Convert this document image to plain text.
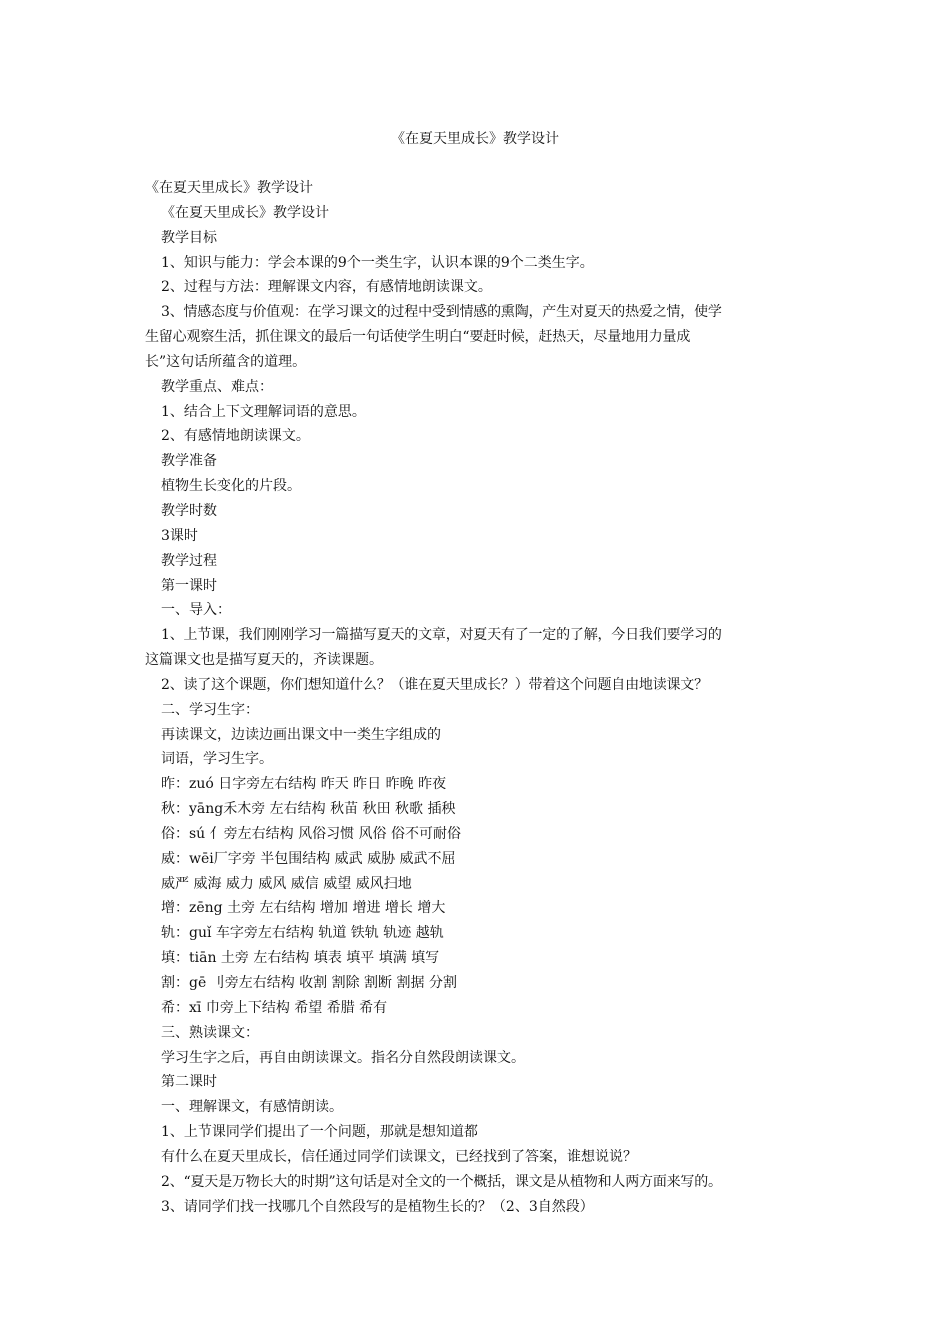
《在夏天里成长》教学设计

《在夏天里成长》教学设计

《在夏天里成长》教学设计

教学目标

1、知识与能力：学会本课的9个一类生字，认识本课的9个二类生字。

2、过程与方法：理解课文内容，有感情地朗读课文。

3、情感态度与价值观：在学习课文的过程中受到情感的熏陶，产生对夏天的热爱之情，使学

生留心观察生活，抓住课文的最后一句话使学生明白“要赶时候，赶热天，尽量地用力量成

长”这句话所蕴含的道理。

教学重点、难点：

1、结合上下文理解词语的意思。

2、有感情地朗读课文。

教学准备

植物生长变化的片段。

教学时数

3课时

教学过程

第一课时

一、导入：

1、上节课，我们刚刚学习一篇描写夏天的文章，对夏天有了一定的了解，今日我们要学习的

这篇课文也是描写夏天的，齐读课题。

2、读了这个课题，你们想知道什么？（谁在夏天里成长？）带着这个问题自由地读课文？

二、学习生字：

再读课文，边读边画出课文中一类生字组成的

词语，学习生字。

昨：zuó 日字旁左右结构 昨天 昨日 昨晚 昨夜

秋：yāng禾木旁 左右结构 秋苗 秋田 秋歌 插秧

俗：sú 亻旁左右结构 风俗习惯 风俗 俗不可耐俗

威：wēi厂字旁 半包围结构 威武 威胁 威武不屈

威严 威海 威力 威风 威信 威望 威风扫地

增：zēng 土旁 左右结构 增加 增进 增长 增大

轨：guǐ 车字旁左右结构 轨道 铁轨 轨迹 越轨

填：tiān 土旁 左右结构 填表 填平 填满 填写

割：gē 刂旁左右结构 收割 割除 割断 割据 分割

希：xī 巾旁上下结构 希望 希腊 希有

三、熟读课文：

学习生字之后，再自由朗读课文。指名分自然段朗读课文。

第二课时

一、理解课文，有感情朗读。

1、上节课同学们提出了一个问题，那就是想知道都

有什么在夏天里成长，信任通过同学们读课文，已经找到了答案，谁想说说？

2、“夏天是万物长大的时期”这句话是对全文的一个概括，课文是从植物和人两方面来写的。

3、请同学们找一找哪几个自然段写的是植物生长的？（2、3自然段）
